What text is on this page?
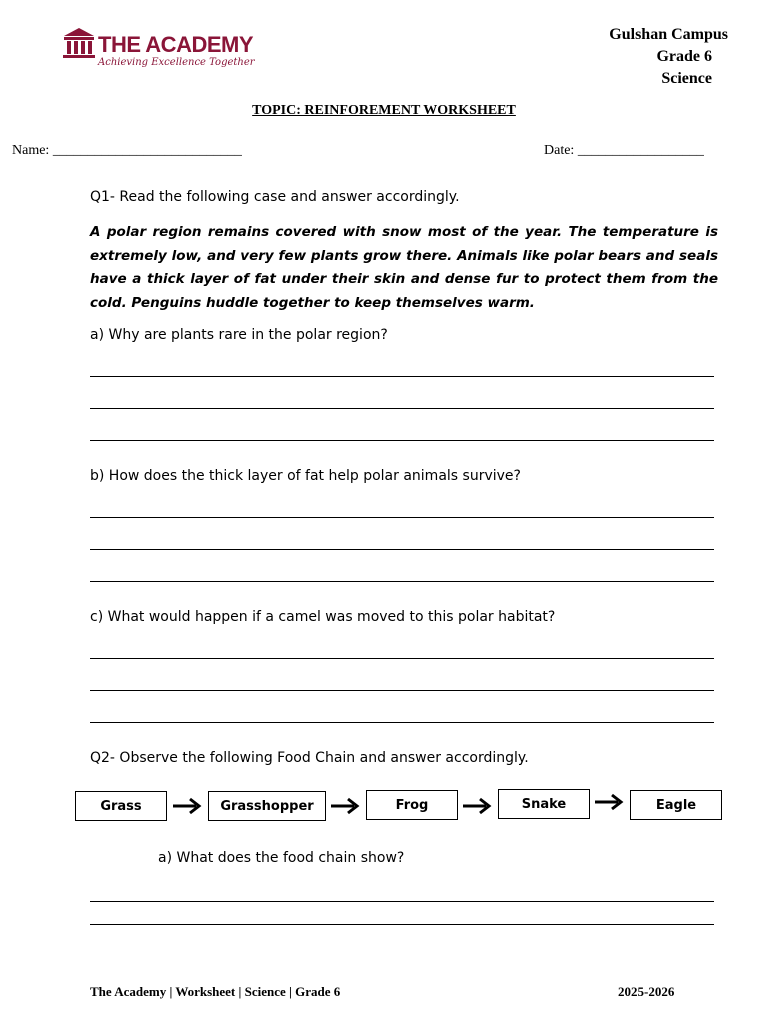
THE ACADEMY
Achieving Excellence Together
Gulshan Campus
Grade 6
Science
TOPIC: REINFOREMENT WORKSHEET
Name: ___________________________	Date: __________________
Q1- Read the following case and answer accordingly.
A polar region remains covered with snow most of the year. The temperature is extremely low, and very few plants grow there. Animals like polar bears and seals have a thick layer of fat under their skin and dense fur to protect them from the cold. Penguins huddle together to keep themselves warm.
a) Why are plants rare in the polar region?
b) How does the thick layer of fat help polar animals survive?
c) What would happen if a camel was moved to this polar habitat?
Q2- Observe the following Food Chain and answer accordingly.
Grass	Grasshopper	Frog	Snake	Eagle
a) What does the food chain show?
The Academy | Worksheet | Science | Grade 6	2025-2026
